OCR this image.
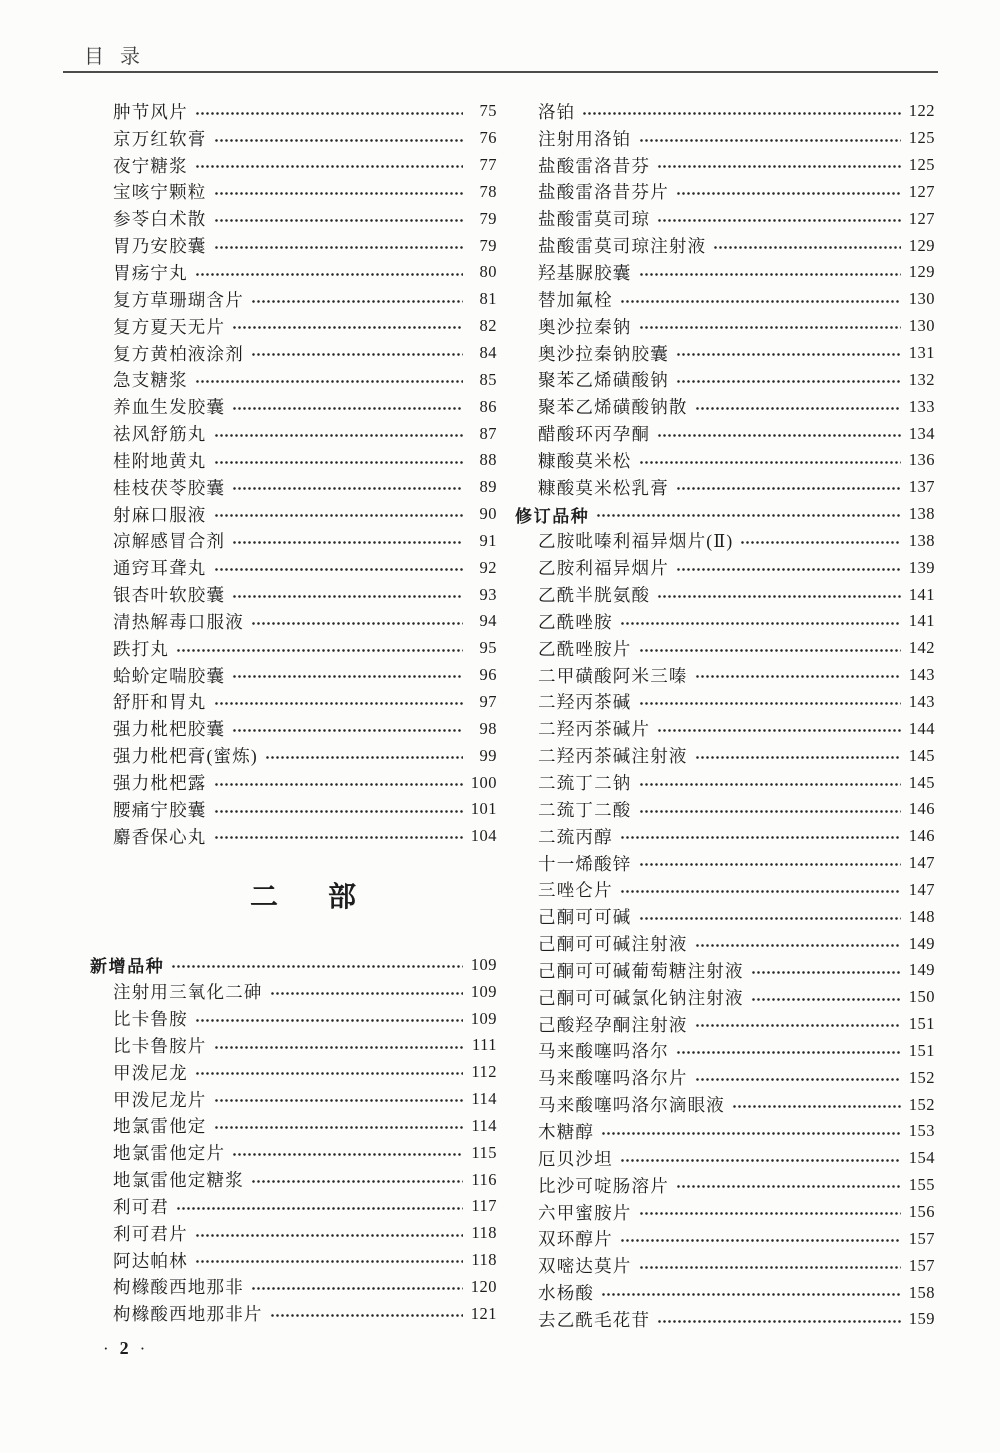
目录
肿节风片	75
京万红软膏	76
夜宁糖浆	77
宝咳宁颗粒	78
参苓白术散	79
胃乃安胶囊	79
胃疡宁丸	80
复方草珊瑚含片	81
复方夏天无片	82
复方黄柏液涂剂	84
急支糖浆	85
养血生发胶囊	86
祛风舒筋丸	87
桂附地黄丸	88
桂枝茯苓胶囊	89
射麻口服液	90
凉解感冒合剂	91
通窍耳聋丸	92
银杏叶软胶囊	93
清热解毒口服液	94
跌打丸	95
蛤蚧定喘胶囊	96
舒肝和胃丸	97
强力枇杷胶囊	98
强力枇杷膏(蜜炼)	99
强力枇杷露	100
腰痛宁胶囊	101
麝香保心丸	104
二部
新增品种	109
注射用三氧化二砷	109
比卡鲁胺	109
比卡鲁胺片	111
甲泼尼龙	112
甲泼尼龙片	114
地氯雷他定	114
地氯雷他定片	115
地氯雷他定糖浆	116
利可君	117
利可君片	118
阿达帕林	118
枸橼酸西地那非	120
枸橼酸西地那非片	121
洛铂	122
注射用洛铂	125
盐酸雷洛昔芬	125
盐酸雷洛昔芬片	127
盐酸雷莫司琼	127
盐酸雷莫司琼注射液	129
羟基脲胶囊	129
替加氟栓	130
奥沙拉秦钠	130
奥沙拉秦钠胶囊	131
聚苯乙烯磺酸钠	132
聚苯乙烯磺酸钠散	133
醋酸环丙孕酮	134
糠酸莫米松	136
糠酸莫米松乳膏	137
修订品种	138
乙胺吡嗪利福异烟片(Ⅱ)	138
乙胺利福异烟片	139
乙酰半胱氨酸	141
乙酰唑胺	141
乙酰唑胺片	142
二甲磺酸阿米三嗪	143
二羟丙茶碱	143
二羟丙茶碱片	144
二羟丙茶碱注射液	145
二巯丁二钠	145
二巯丁二酸	146
二巯丙醇	146
十一烯酸锌	147
三唑仑片	147
己酮可可碱	148
己酮可可碱注射液	149
己酮可可碱葡萄糖注射液	149
己酮可可碱氯化钠注射液	150
己酸羟孕酮注射液	151
马来酸噻吗洛尔	151
马来酸噻吗洛尔片	152
马来酸噻吗洛尔滴眼液	152
木糖醇	153
厄贝沙坦	154
比沙可啶肠溶片	155
六甲蜜胺片	156
双环醇片	157
双嘧达莫片	157
水杨酸	158
去乙酰毛花苷	159
· 2 ·
